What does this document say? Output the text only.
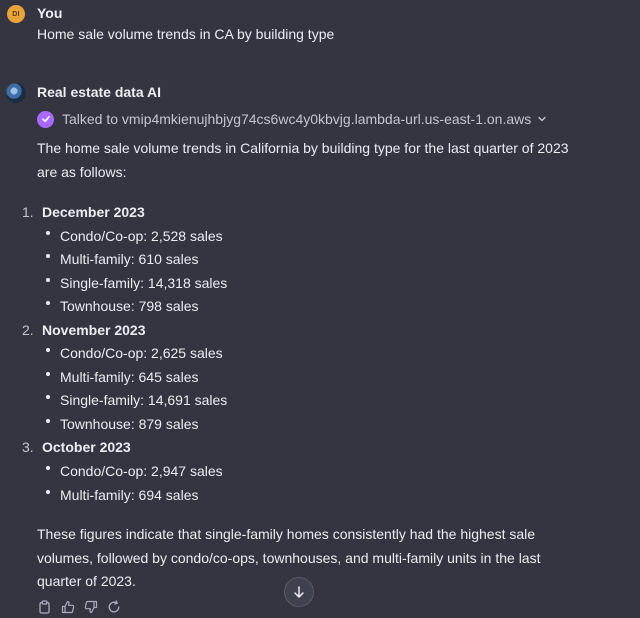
DI	You
Home sale volume trends in CA by building type
Real estate data AI
Talked to vmip4mkienujhbjyg74cs6wc4y0kbvjg.lambda-url.us-east-1.on.aws
The home sale volume trends in California by building type for the last quarter of 2023 are as follows:
1. December 2023
Condo/Co-op: 2,528 sales
Multi-family: 610 sales
Single-family: 14,318 sales
Townhouse: 798 sales
2. November 2023
Condo/Co-op: 2,625 sales
Multi-family: 645 sales
Single-family: 14,691 sales
Townhouse: 879 sales
3. October 2023
Condo/Co-op: 2,947 sales
Multi-family: 694 sales
These figures indicate that single-family homes consistently had the highest sale volumes, followed by condo/co-ops, townhouses, and multi-family units in the last quarter of 2023.
